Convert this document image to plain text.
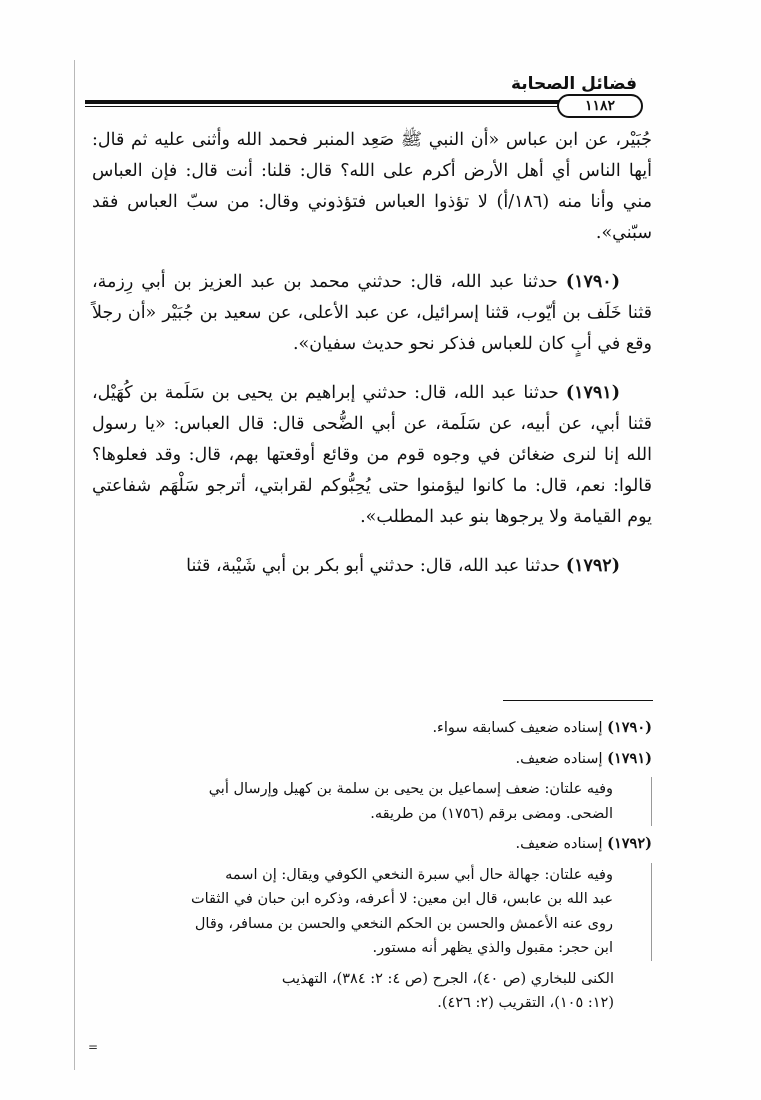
فضائل الصحابة
١١٨٢

جُبَيْر، عن ابن عباس «أن النبي ﷺ صَعِد المنبر فحمد الله وأثنى عليه ثم قال: أيها الناس أي أهل الأرض أكرم على الله؟ قال: قلنا: أنت قال: فإن العباس مني وأنا منه (١٨٦/أ) لا تؤذوا العباس فتؤذوني وقال: من سبّ العباس فقد سبّني».

(١٧٩٠) حدثنا عبد الله، قال: حدثني محمد بن عبد العزيز بن أبي رِزمة، قثنا خَلَف بن أيّوب، قثنا إسرائيل، عن عبد الأعلى، عن سعيد بن جُبَيْر «أن رجلاً وقع في أبٍ كان للعباس فذكر نحو حديث سفيان».

(١٧٩١) حدثنا عبد الله، قال: حدثني إبراهيم بن يحيى بن سَلَمة بن كُهَيْل، قثنا أبي، عن أبيه، عن سَلَمة، عن أبي الضُّحى قال: قال العباس: «يا رسول الله إنا لنرى ضغائن في وجوه قوم من وقائع أوقعتها بهم، قال: وقد فعلوها؟ قالوا: نعم، قال: ما كانوا ليؤمنوا حتى يُحِبُّوكم لقرابتي، أترجو سَلْهَم شفاعتي يوم القيامة ولا يرجوها بنو عبد المطلب».

(١٧٩٢) حدثنا عبد الله، قال: حدثني أبو بكر بن أبي شَيْبة، قثنا

(١٧٩٠) إسناده ضعيف كسابقه سواء.
(١٧٩١) إسناده ضعيف.
وفيه علتان: ضعف إسماعيل بن يحيى بن سلمة بن كهيل وإرسال أبي
الضحى. ومضى برقم (١٧٥٦) من طريقه.
(١٧٩٢) إسناده ضعيف.
وفيه علتان: جهالة حال أبي سبرة النخعي الكوفي ويقال: إن اسمه
عبد الله بن عابس، قال ابن معين: لا أعرفه، وذكره ابن حبان في الثقات
روى عنه الأعمش والحسن بن الحكم النخعي والحسن بن مسافر، وقال
ابن حجر: مقبول والذي يظهر أنه مستور.
الكنى للبخاري (ص ٤٠)، الجرح (ص ٤: ٢: ٣٨٤)، التهذيب
(١٢: ١٠٥)، التقريب (٢: ٤٢٦).
=
